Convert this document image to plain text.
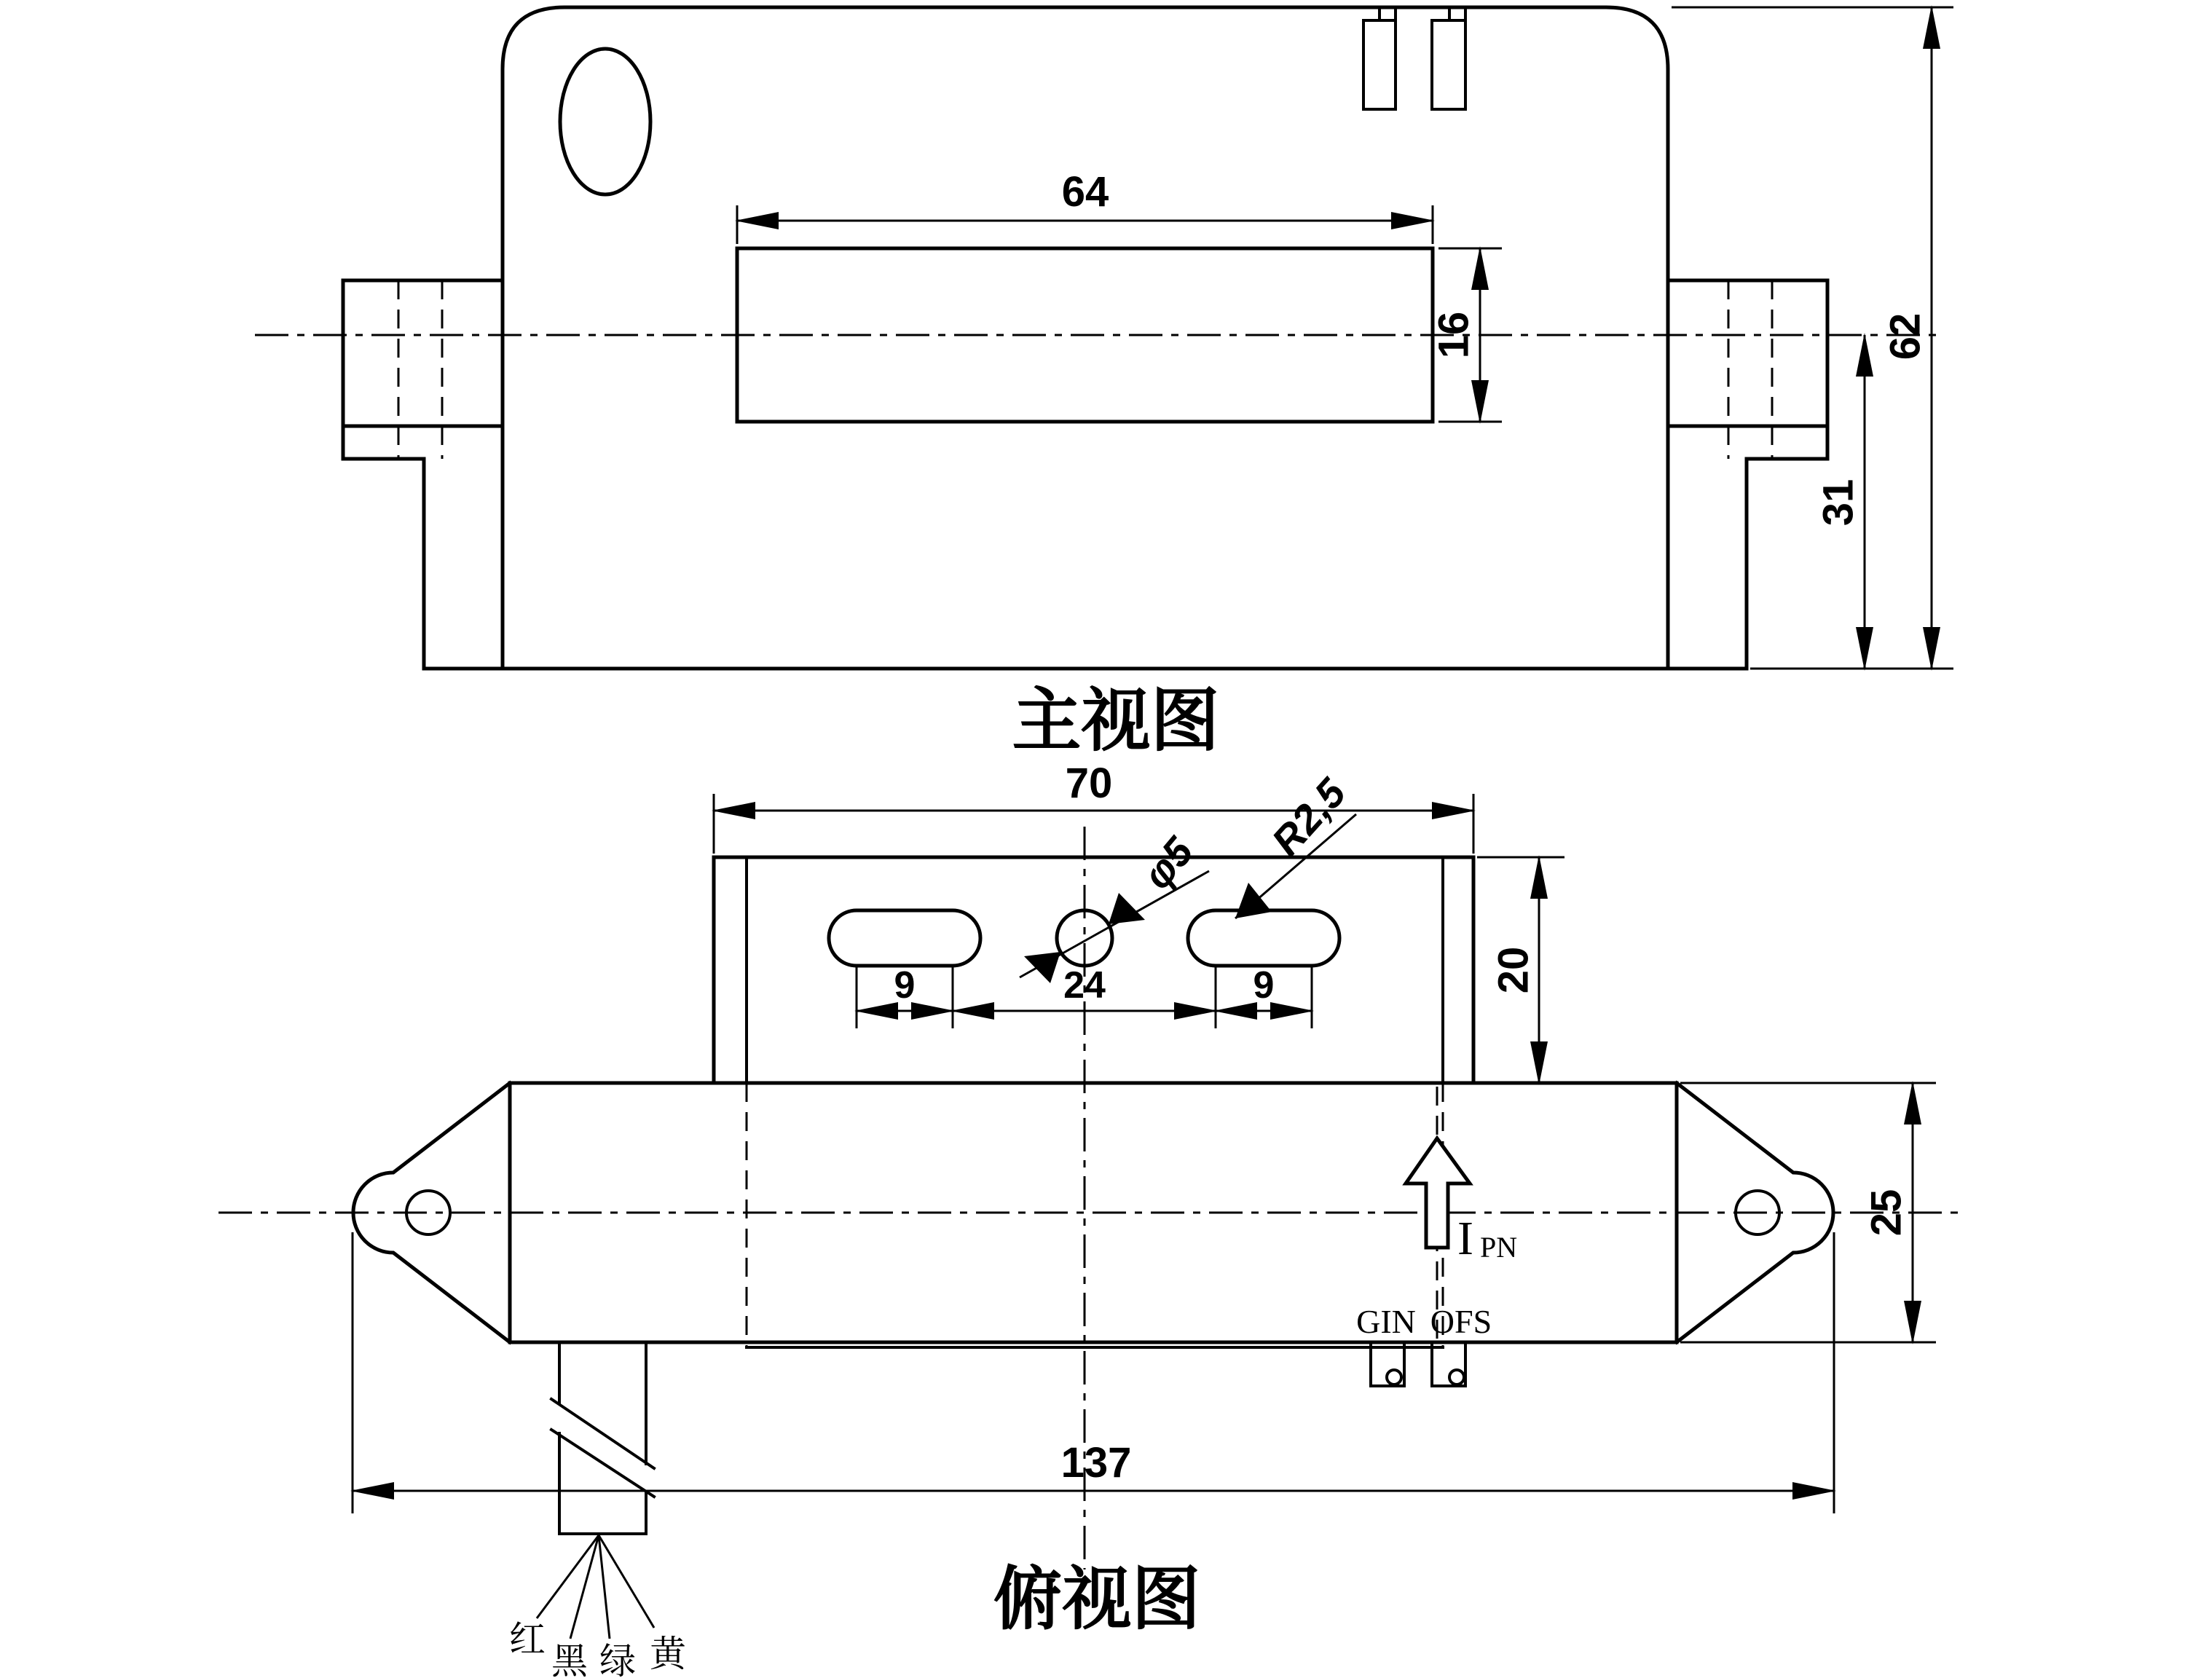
64
16	62
31
主视图
φ5 R2,5
70
20
9	24	9
I PN
GIN OFS
25
137
红
黑 绿 黄
俯视图
